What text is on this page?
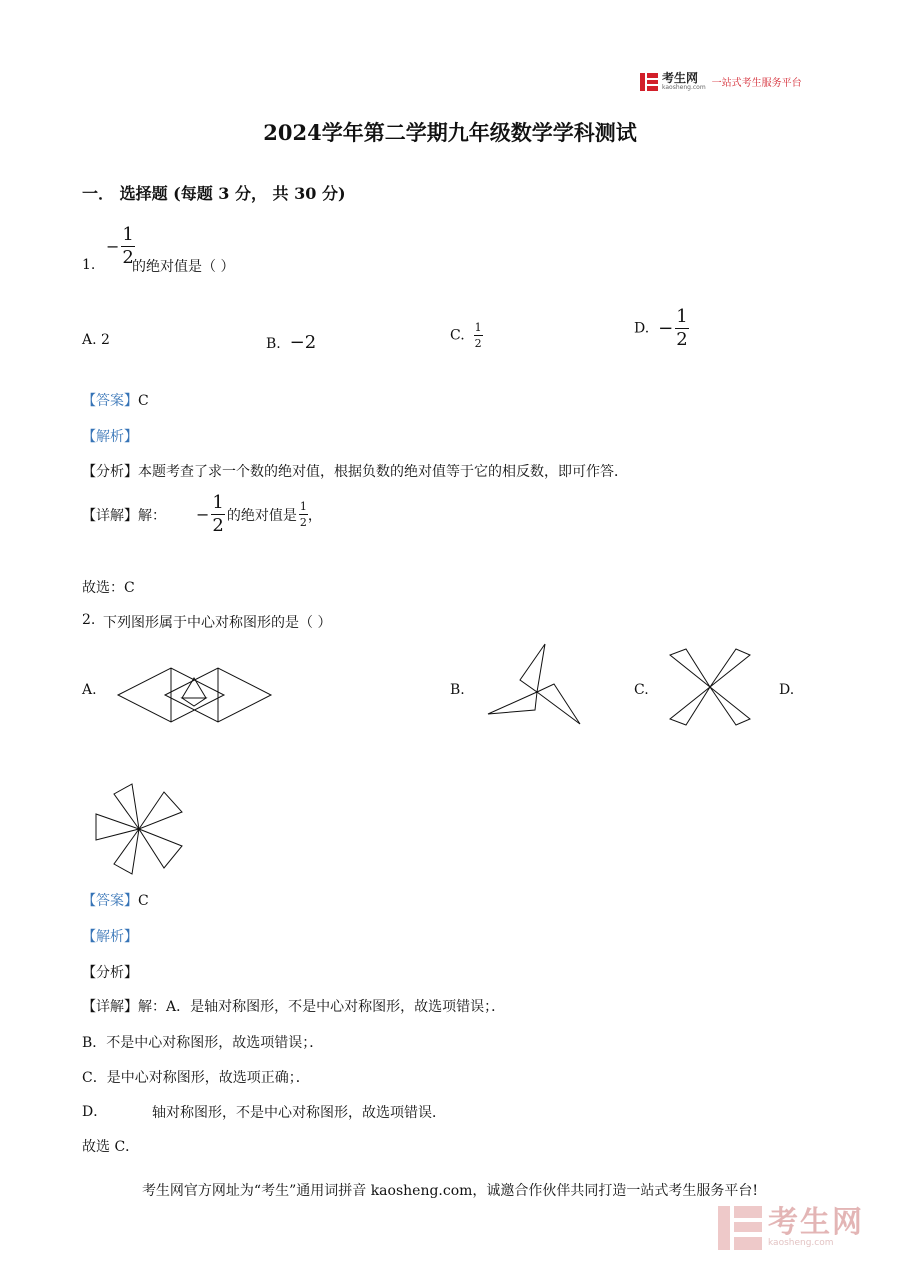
考生网
kaosheng.com 一站式考生服务平台
2024学年第二学期九年级数学学科测试
一． 选择题 (每题 3 分， 共 30 分)
− $\frac{1}{2}$
1.	的绝对值是（ ）
A. 2	B. −2	C. $\frac{1}{2}$	D. − $\frac{1}{2}$
【答案】C
【解析】
【分析】本题考查了求一个数的绝对值，根据负数的绝对值等于它的相反数，即可作答．
【详解】 解： − $\frac{1}{2}$ 的绝对值是 $\frac{1}{2}$ ，
故选：C
2. 下列图形属于中心对称图形的是（ ）
A.	B.	C.	D.
【答案】C
【解析】
【分析】
【详解】解：A．是轴对称图形，不是中心对称图形，故选项错误；．
B．不是中心对称图形，故选项错误；．
C．是中心对称图形，故选项正确；．
D．	轴对称图形，不是中心对称图形，故选项错误．
故选 C．
考生网官方网址为“考生”通用词拼音 kaosheng.com，诚邀合作伙伴共同打造一站式考生服务平台!
考生网
kaosheng.com
